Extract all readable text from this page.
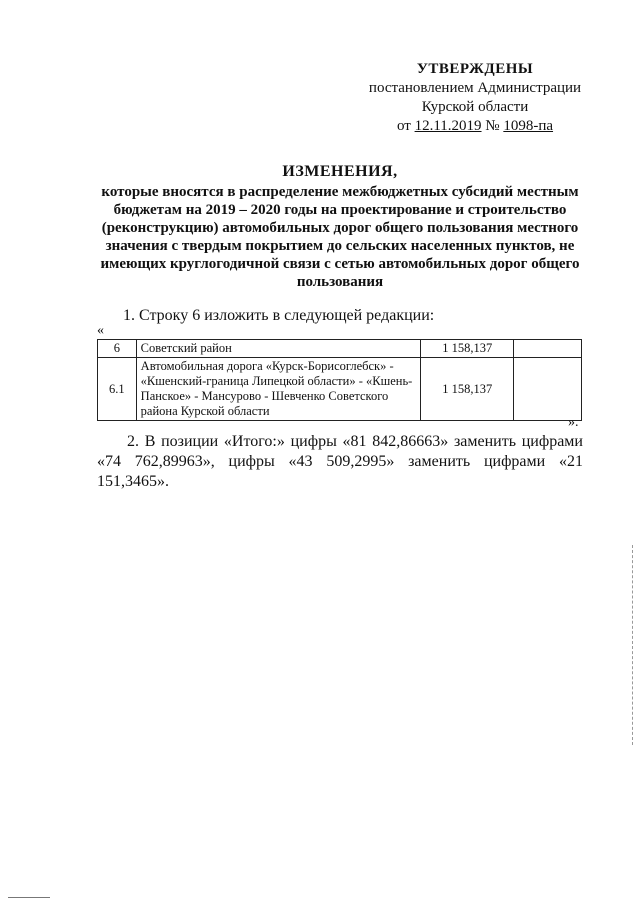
УТВЕРЖДЕНЫ
постановлением Администрации
Курской области
от 12.11.2019 № 1098-па
ИЗМЕНЕНИЯ,
которые вносятся в распределение межбюджетных субсидий местным бюджетам на 2019 – 2020 годы на проектирование и строительство (реконструкцию) автомобильных дорог общего пользования местного значения с твердым покрытием до сельских населенных пунктов, не имеющих круглогодичной связи с сетью автомобильных дорог общего пользования
1. Строку 6 изложить в следующей редакции:
«
6	Советский район	1 158,137	
6.1	Автомобильная дорога «Курск-Борисоглебск» - «Кшенский-граница Липецкой области» - «Кшень-Панское» - Мансурово - Шевченко Советского района Курской области	1 158,137	
».
2. В позиции «Итого:» цифры «81 842,86663» заменить цифрами «74 762,89963», цифры «43 509,2995» заменить цифрами «21 151,3465».
